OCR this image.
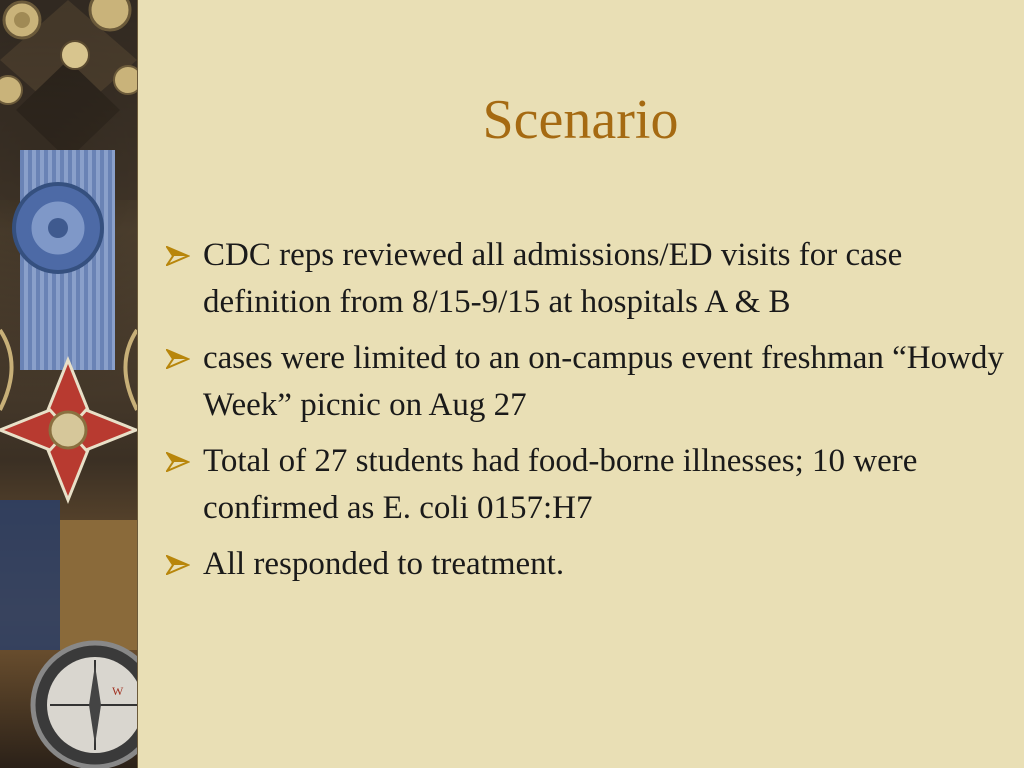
W
Scenario
CDC reps reviewed all admissions/ED visits for case definition from 8/15-9/15 at hospitals A & B
cases were limited to an on-campus event freshman “Howdy Week” picnic on Aug 27
Total of 27 students had food-borne illnesses; 10 were confirmed as E. coli 0157:H7
All responded to treatment.
